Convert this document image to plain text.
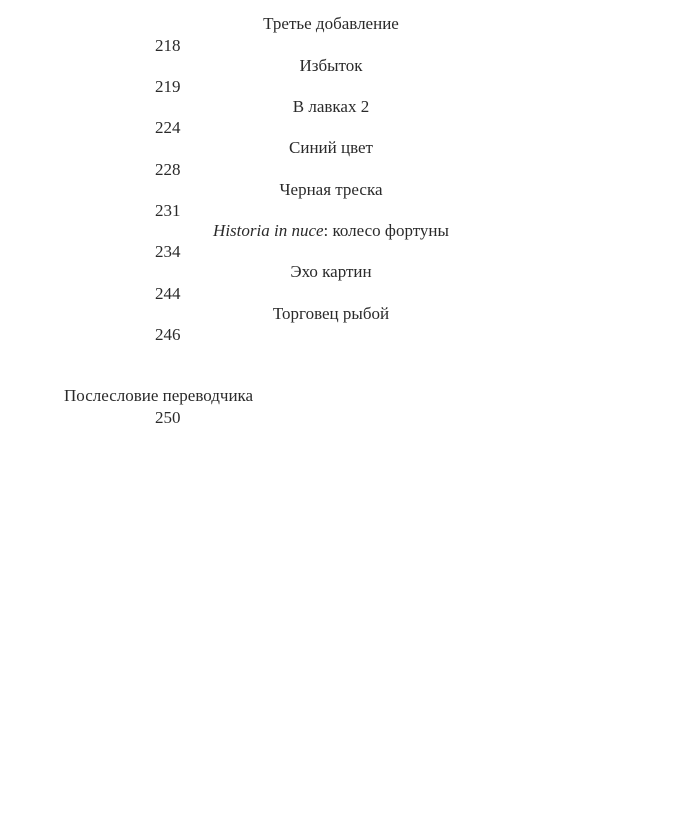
Третье добавление
218
Избыток
219
В лавках 2
224
Синий цвет
228
Черная треска
231
Historia in nuce: колесо фортуны
234
Эхо картин
244
Торговец рыбой
246
Послесловие переводчика
250
